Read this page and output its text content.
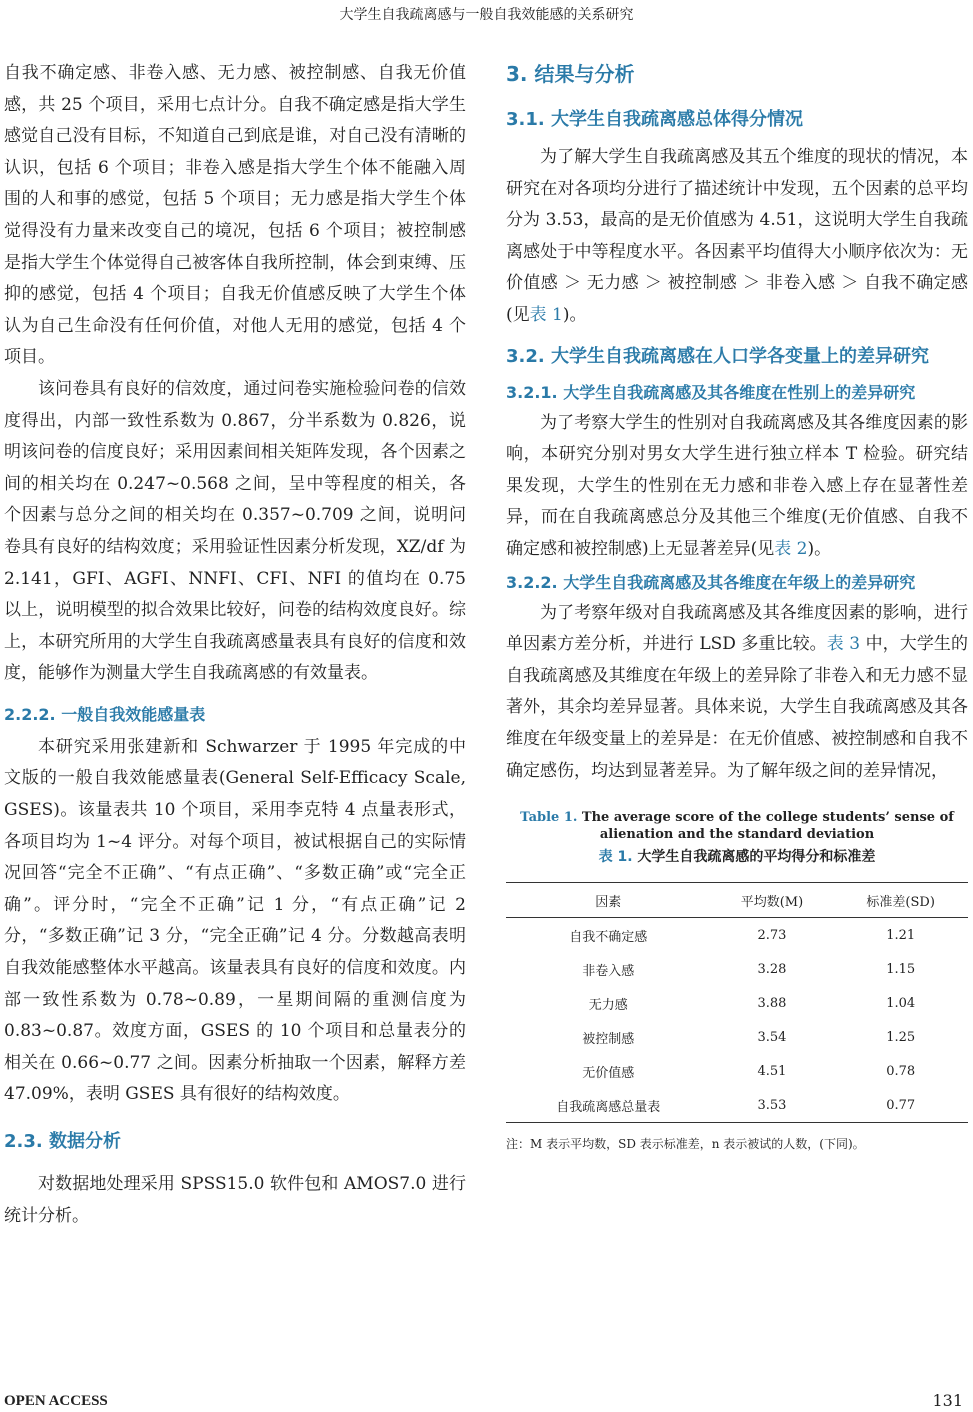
大学生自我疏离感与一般自我效能感的关系研究

自我不确定感、非卷入感、无力感、被控制感、自我无价值感，共 25 个项目，采用七点计分。自我不确定感是指大学生感觉自己没有目标，不知道自己到底是谁，对自己没有清晰的认识，包括 6 个项目；非卷入感是指大学生个体不能融入周围的人和事的感觉，包括 5 个项目；无力感是指大学生个体觉得没有力量来改变自己的境况，包括 6 个项目；被控制感是指大学生个体觉得自己被客体自我所控制，体会到束缚、压抑的感觉，包括 4 个项目；自我无价值感反映了大学生个体认为自己生命没有任何价值，对他人无用的感觉，包括 4 个项目。

该问卷具有良好的信效度，通过问卷实施检验问卷的信效度得出，内部一致性系数为 0.867，分半系数为 0.826，说明该问卷的信度良好；采用因素间相关矩阵发现，各个因素之间的相关均在 0.247~0.568 之间，呈中等程度的相关，各个因素与总分之间的相关均在 0.357~0.709 之间，说明问卷具有良好的结构效度；采用验证性因素分析发现，XZ/df 为 2.141，GFI、AGFI、NNFI、CFI、NFI 的值均在 0.75 以上，说明模型的拟合效果比较好，问卷的结构效度良好。综上，本研究所用的大学生自我疏离感量表具有良好的信度和效度，能够作为测量大学生自我疏离感的有效量表。

2.2.2. 一般自我效能感量表

本研究采用张建新和 Schwarzer 于 1995 年完成的中文版的一般自我效能感量表(General Self-Efficacy Scale, GSES)。该量表共 10 个项目，采用李克特 4 点量表形式，各项目均为 1~4 评分。对每个项目，被试根据自己的实际情况回答“完全不正确”、“有点正确”、“多数正确”或“完全正确”。评分时，“完全不正确”记 1 分，“有点正确”记 2 分，“多数正确”记 3 分，“完全正确”记 4 分。分数越高表明自我效能感整体水平越高。该量表具有良好的信度和效度。内部一致性系数为 0.78~0.89，一星期间隔的重测信度为 0.83~0.87。效度方面，GSES 的 10 个项目和总量表分的相关在 0.66~0.77 之间。因素分析抽取一个因素，解释方差 47.09%，表明 GSES 具有很好的结构效度。

2.3. 数据分析

对数据地处理采用 SPSS15.0 软件包和 AMOS7.0 进行统计分析。

3. 结果与分析

3.1. 大学生自我疏离感总体得分情况

为了解大学生自我疏离感及其五个维度的现状的情况，本研究在对各项均分进行了描述统计中发现，五个因素的总平均分为 3.53，最高的是无价值感为 4.51，这说明大学生自我疏离感处于中等程度水平。各因素平均值得大小顺序依次为：无价值感 ＞ 无力感 ＞ 被控制感 ＞ 非卷入感 ＞ 自我不确定感(见表 1)。

3.2. 大学生自我疏离感在人口学各变量上的差异研究

3.2.1. 大学生自我疏离感及其各维度在性别上的差异研究

为了考察大学生的性别对自我疏离感及其各维度因素的影响，本研究分别对男女大学生进行独立样本 T 检验。研究结果发现，大学生的性别在无力感和非卷入感上存在显著性差异，而在自我疏离感总分及其他三个维度(无价值感、自我不确定感和被控制感)上无显著差异(见表 2)。

3.2.2. 大学生自我疏离感及其各维度在年级上的差异研究

为了考察年级对自我疏离感及其各维度因素的影响，进行单因素方差分析，并进行 LSD 多重比较。表 3 中，大学生的自我疏离感及其维度在年级上的差异除了非卷入和无力感不显著外，其余均差异显著。具体来说，大学生自我疏离感及其各维度在年级变量上的差异是：在无价值感、被控制感和自我不确定感伤，均达到显著差异。为了解年级之间的差异情况，

Table 1. The average score of the college students’ sense of alienation and the standard deviation
表 1. 大学生自我疏离感的平均得分和标准差
因素	平均数(M)	标准差(SD)
自我不确定感	2.73	1.21
非卷入感	3.28	1.15
无力感	3.88	1.04
被控制感	3.54	1.25
无价值感	4.51	0.78
自我疏离感总量表	3.53	0.77
注：M 表示平均数，SD 表示标准差，n 表示被试的人数，(下同)。
OPEN ACCESS	131
